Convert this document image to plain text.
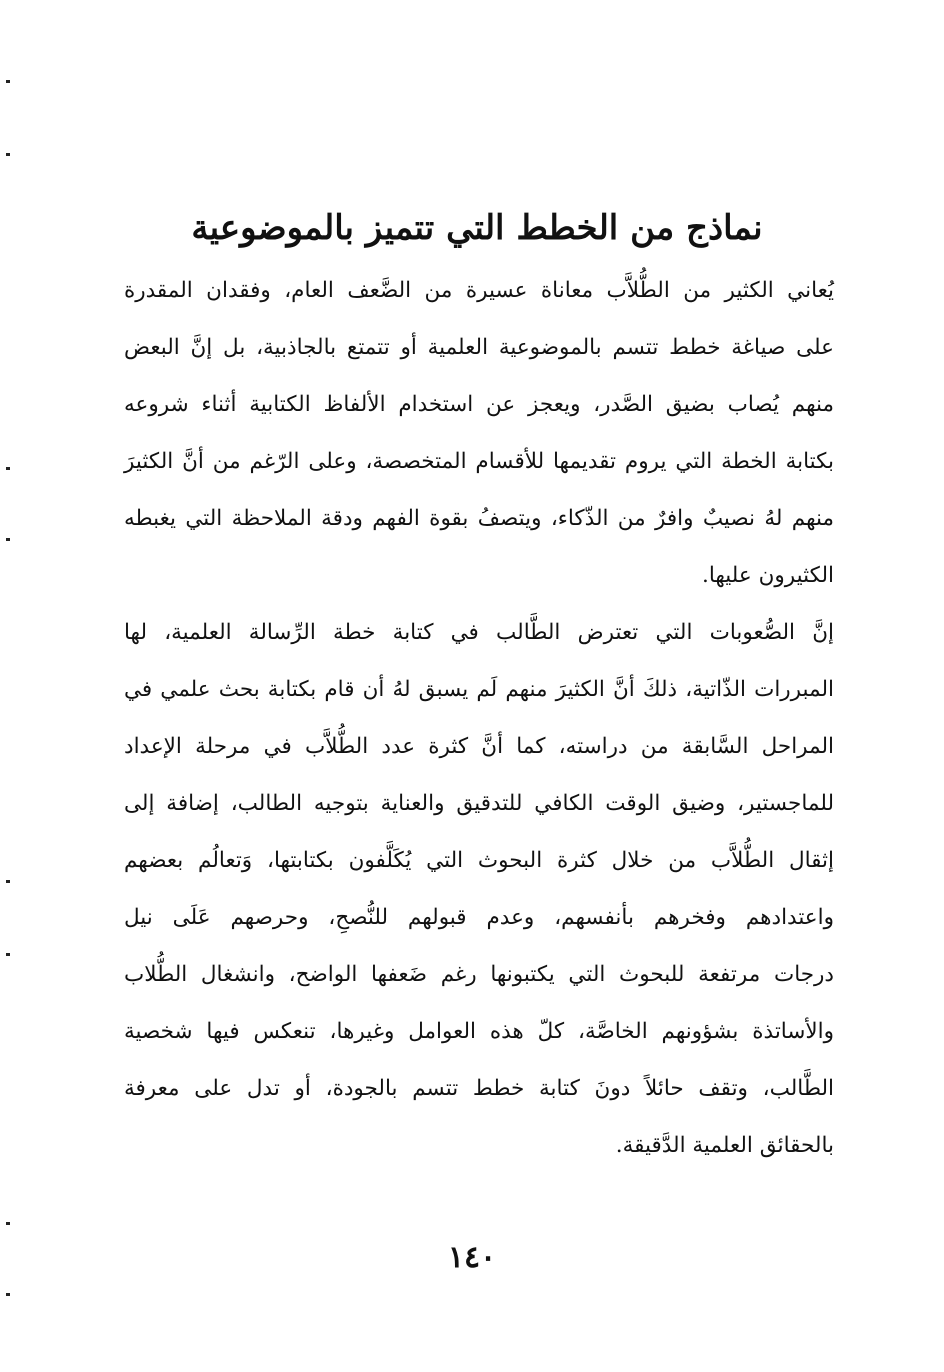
نماذج من الخطط التي تتميز بالموضوعية
يُعاني الكثير من الطُّلاَّب معاناة عسيرة من الضَّعف العام، وفقدان المقدرة
على صياغة خطط تتسم بالموضوعية العلمية أو تتمتع بالجاذبية، بل إنَّ البعض
منهم يُصاب بضيق الصَّدر، ويعجز عن استخدام الألفاظ الكتابية أثناء شروعه
بكتابة الخطة التي يروم تقديمها للأقسام المتخصصة، وعلى الرّغم من أنَّ الكثيرَ
منهم لهُ نصيبٌ وافرٌ من الذّكاء، ويتصفُ بقوة الفهم ودقة الملاحظة التي يغبطه
الكثيرون عليها.
إنَّ الصُّعوبات التي تعترض الطَّالب في كتابة خطة الرِّسالة العلمية، لها
المبررات الذّاتية، ذلكَ أنَّ الكثيرَ منهم لَم يسبق لهُ أن قام بكتابة بحث علمي في
المراحل السَّابقة من دراسته، كما أنَّ كثرة عدد الطُّلاَّب في مرحلة الإعداد
للماجستير، وضيق الوقت الكافي للتدقيق والعناية بتوجيه الطالب، إضافة إلى
إثقال الطُّلاَّب من خلال كثرة البحوث التي يُكَلَّفون بكتابتها، وَتعالُم بعضهم
واعتدادهم وفخرهم بأنفسهم، وعدم قبولهم للنُّصحِ، وحرصهم عَلَى نيل
درجات مرتفعة للبحوث التي يكتبونها رغم ضَعفها الواضح، وانشغال الطُّلاب
والأساتذة بشؤونهم الخاصَّة، كلّ هذه العوامل وغيرها، تنعكس فيها شخصية
الطَّالب، وتقف حائلاً دونَ كتابة خطط تتسم بالجودة، أو تدل على معرفة
بالحقائق العلمية الدَّقيقة.
١٤٠
